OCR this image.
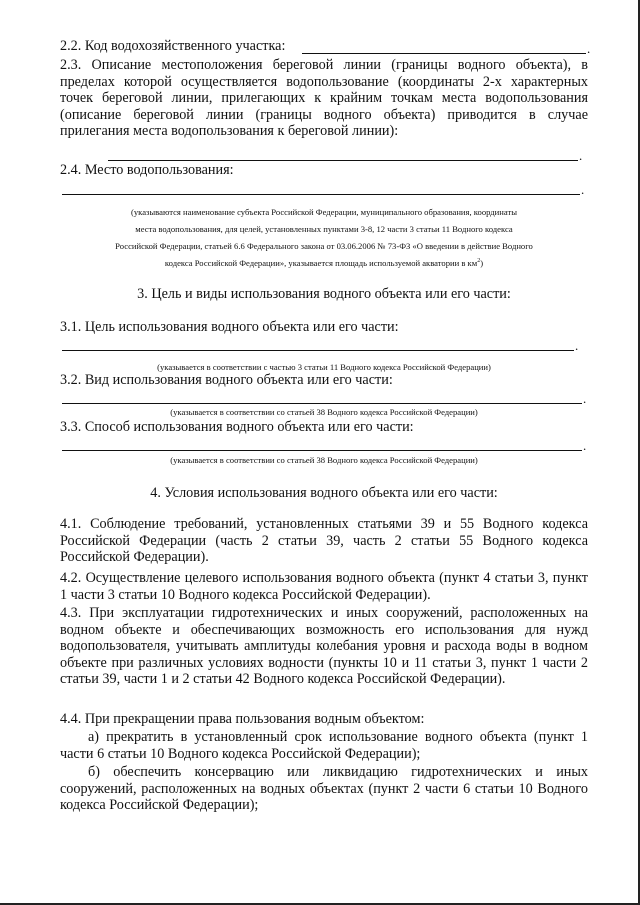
2.2. Код водохозяйственного участка:	.

2.3. Описание местоположения береговой линии (границы водного объекта), в пределах которой осуществляется водопользование (координаты 2-х характерных точек береговой линии, прилегающих к крайним точкам места водопользования (описание береговой линии (границы водного объекта) приводится в случае прилегания места водопользования к береговой линии):

.

2.4. Место водопользования:

.

(указываются наименование субъекта Российской Федерации, муниципального образования, координаты

места водопользования, для целей, установленных пунктами 3-8, 12 части 3 статьи 11 Водного кодекса

Российской Федерации, статьей 6.6 Федерального закона от 03.06.2006 № 73-ФЗ «О введении в действие Водного

кодекса Российской Федерации», указывается площадь используемой акватории в $км^2$)

3. Цель и виды использования водного объекта или его части:

3.1. Цель использования водного объекта или его части:

.

(указывается в соответствии с частью 3 статьи 11 Водного кодекса Российской Федерации)

3.2. Вид использования водного объекта или его части:

.

(указывается в соответствии со статьей 38 Водного кодекса Российской Федерации)

3.3. Способ использования водного объекта или его части:

.

(указывается в соответствии со статьей 38 Водного кодекса Российской Федерации)

4. Условия использования водного объекта или его части:

4.1. Соблюдение требований, установленных статьями 39 и 55 Водного кодекса Российской Федерации (часть 2 статьи 39, часть 2 статьи 55 Водного кодекса Российской Федерации).

4.2. Осуществление целевого использования водного объекта (пункт 4 статьи 3, пункт 1 части 3 статьи 10 Водного кодекса Российской Федерации).

4.3. При эксплуатации гидротехнических и иных сооружений, расположенных на водном объекте и обеспечивающих возможность его использования для нужд водопользователя, учитывать амплитуды колебания уровня и расхода воды в водном объекте при различных условиях водности (пункты 10 и 11 статьи 3, пункт 1 части 2 статьи 39, части 1 и 2 статьи 42 Водного кодекса Российской Федерации).

4.4. При прекращении права пользования водным объектом:

а) прекратить в установленный срок использование водного объекта (пункт 1 части 6 статьи 10 Водного кодекса Российской Федерации);

б) обеспечить консервацию или ликвидацию гидротехнических и иных сооружений, расположенных на водных объектах (пункт 2 части 6 статьи 10 Водного кодекса Российской Федерации);
